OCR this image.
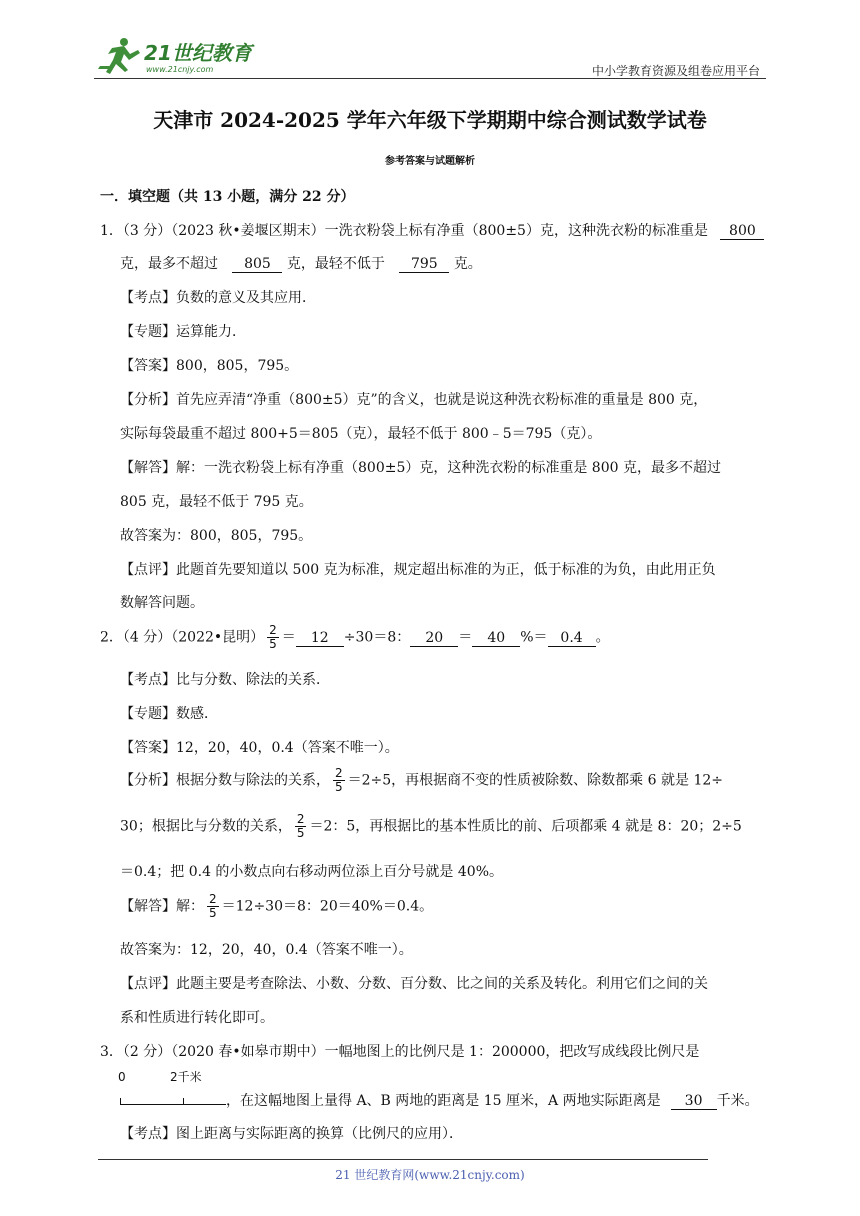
21世纪教育
www.21cnjy.com	中小学教育资源及组卷应用平台
天津市 2024-2025 学年六年级下学期期中综合测试数学试卷
参考答案与试题解析
一．填空题（共 13 小题，满分 22 分）
1．（3 分）（2023 秋•姜堰区期末）一洗衣粉袋上标有净重（800±5）克，这种洗衣粉的标准重是 800
克，最多不超过 805 克，最轻不低于 795 克。
【考点】负数的意义及其应用．
【专题】运算能力．
【答案】800，805，795。
【分析】首先应弄清“净重（800±5）克”的含义，也就是说这种洗衣粉标准的重量是 800 克，
实际每袋最重不超过 800+5＝805（克），最轻不低于 800﹣5＝795（克）。
【解答】解：一洗衣粉袋上标有净重（800±5）克，这种洗衣粉的标准重是 800 克，最多不超过
805 克，最轻不低于 795 克。
故答案为：800，805，795。
【点评】此题首先要知道以 500 克为标准，规定超出标准的为正，低于标准的为负，由此用正负
数解答问题。
2．（4 分）（2022•昆明） $\frac{2}{5} = 12 \div 30=8$： 20 ＝ 40 %＝ 0.4 。
【考点】比与分数、除法的关系．
【专题】数感．
【答案】12，20，40，0.4（答案不唯一）。
【分析】根据分数与除法的关系， $\frac{2}{5} =2\div 5$，再根据商不变的性质被除数、除数都乘 6 就是 12÷
30；根据比与分数的关系， $\frac{2}{5} =2$：5，再根据比的基本性质比的前、后项都乘 4 就是 8：20；2÷5
＝0.4；把 0.4 的小数点向右移动两位添上百分号就是 40%。
【解答】解： $\frac{2}{5} =12\div 30=8$：20＝40%＝0.4。
故答案为：12，20，40，0.4（答案不唯一）。
【点评】此题主要是考查除法、小数、分数、百分数、比之间的关系及转化。利用它们之间的关
系和性质进行转化即可。
3．（2 分）（2020 春•如皋市期中）一幅地图上的比例尺是 1：200000，把改写成线段比例尺是
0	2千米
，在这幅地图上量得 A、B 两地的距离是 15 厘米，A 两地实际距离是 30 千米。
【考点】图上距离与实际距离的换算（比例尺的应用）．
21 世纪教育网(www.21cnjy.com)
